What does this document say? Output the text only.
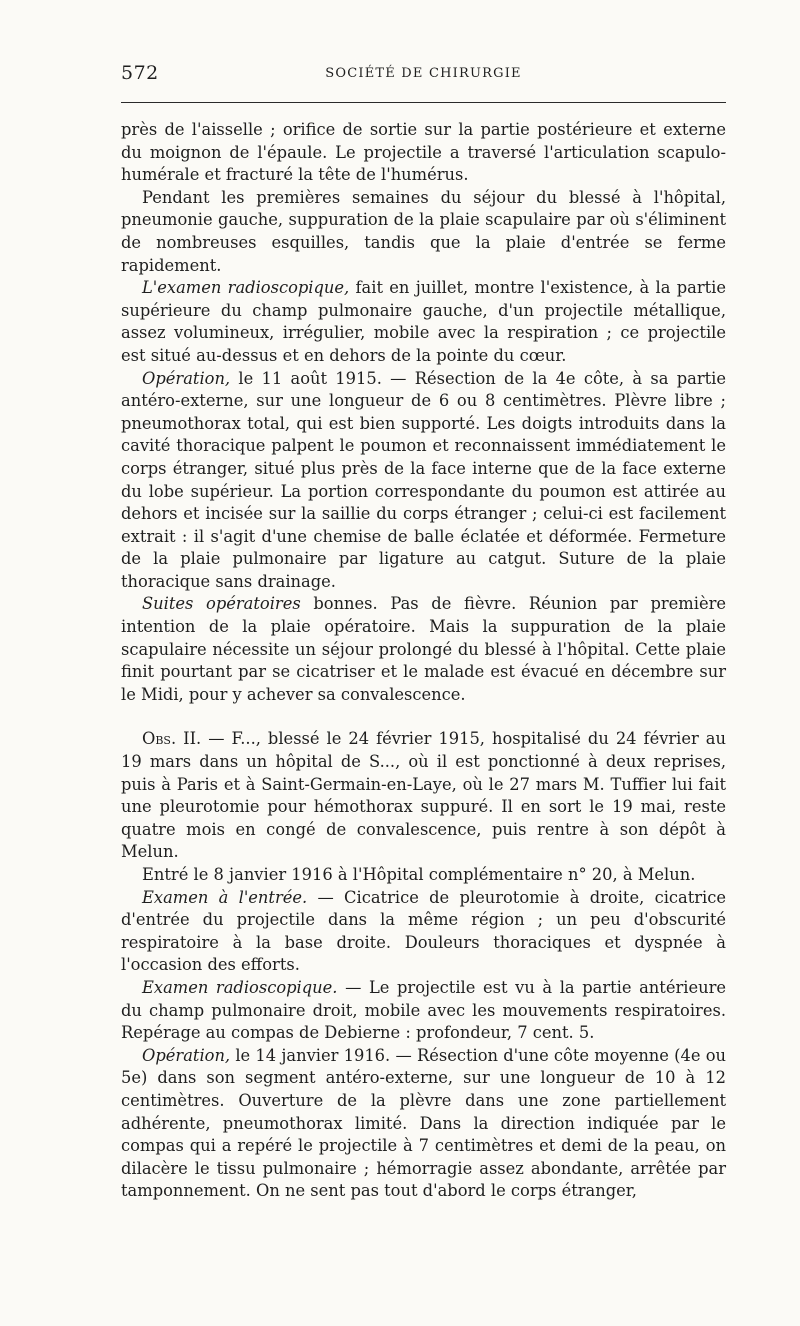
572	SOCIÉTÉ DE CHIRURGIE

près de l'aisselle ; orifice de sortie sur la partie postérieure et externe du moignon de l'épaule. Le projectile a traversé l'articulation scapulo-humérale et fracturé la tête de l'humérus.

Pendant les premières semaines du séjour du blessé à l'hôpital, pneumonie gauche, suppuration de la plaie scapulaire par où s'éliminent de nombreuses esquilles, tandis que la plaie d'entrée se ferme rapidement.

L'examen radioscopique, fait en juillet, montre l'existence, à la partie supérieure du champ pulmonaire gauche, d'un projectile métallique, assez volumineux, irrégulier, mobile avec la respiration ; ce projectile est situé au-dessus et en dehors de la pointe du cœur.

Opération, le 11 août 1915. — Résection de la 4e côte, à sa partie antéro-externe, sur une longueur de 6 ou 8 centimètres. Plèvre libre ; pneumothorax total, qui est bien supporté. Les doigts introduits dans la cavité thoracique palpent le poumon et reconnaissent immédiatement le corps étranger, situé plus près de la face interne que de la face externe du lobe supérieur. La portion correspondante du poumon est attirée au dehors et incisée sur la saillie du corps étranger ; celui-ci est facilement extrait : il s'agit d'une chemise de balle éclatée et déformée. Fermeture de la plaie pulmonaire par ligature au catgut. Suture de la plaie thoracique sans drainage.

Suites opératoires bonnes. Pas de fièvre. Réunion par première intention de la plaie opératoire. Mais la suppuration de la plaie scapulaire nécessite un séjour prolongé du blessé à l'hôpital. Cette plaie finit pourtant par se cicatriser et le malade est évacué en décembre sur le Midi, pour y achever sa convalescence.

Obs. II. — F..., blessé le 24 février 1915, hospitalisé du 24 février au 19 mars dans un hôpital de S..., où il est ponctionné à deux reprises, puis à Paris et à Saint-Germain-en-Laye, où le 27 mars M. Tuffier lui fait une pleurotomie pour hémothorax suppuré. Il en sort le 19 mai, reste quatre mois en congé de convalescence, puis rentre à son dépôt à Melun.

Entré le 8 janvier 1916 à l'Hôpital complémentaire n° 20, à Melun.

Examen à l'entrée. — Cicatrice de pleurotomie à droite, cicatrice d'entrée du projectile dans la même région ; un peu d'obscurité respiratoire à la base droite. Douleurs thoraciques et dyspnée à l'occasion des efforts.

Examen radioscopique. — Le projectile est vu à la partie antérieure du champ pulmonaire droit, mobile avec les mouvements respiratoires. Repérage au compas de Debierne : profondeur, 7 cent. 5.

Opération, le 14 janvier 1916. — Résection d'une côte moyenne (4e ou 5e) dans son segment antéro-externe, sur une longueur de 10 à 12 centimètres. Ouverture de la plèvre dans une zone partiellement adhérente, pneumothorax limité. Dans la direction indiquée par le compas qui a repéré le projectile à 7 centimètres et demi de la peau, on dilacère le tissu pulmonaire ; hémorragie assez abondante, arrêtée par tamponnement. On ne sent pas tout d'abord le corps étranger,
